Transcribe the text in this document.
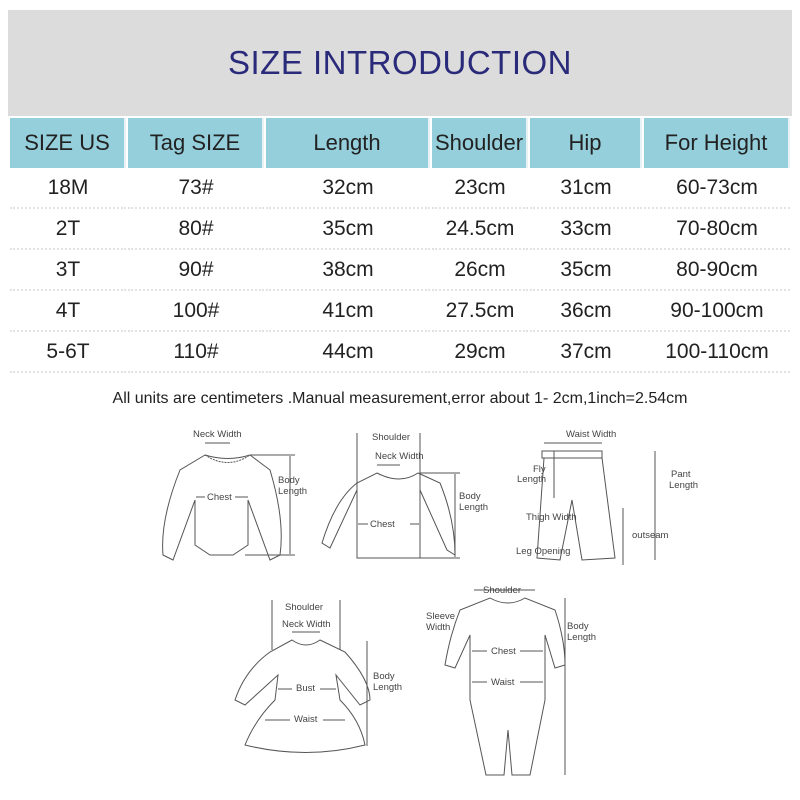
SIZE INTRODUCTION
SIZE US	Tag SIZE	Length	Shoulder	Hip	For Height
18M	73#	32cm	23cm	31cm	60-73cm
2T	80#	35cm	24.5cm	33cm	70-80cm
3T	90#	38cm	26cm	35cm	80-90cm
4T	100#	41cm	27.5cm	36cm	90-100cm
5-6T	110#	44cm	29cm	37cm	100-110cm
All units are centimeters .Manual measurement,error about 1- 2cm,1inch=2.54cm
Neck Width
Chest
Body
Length
Shoulder
Neck Width
Chest
Body
Length
Waist Width
Fly
Length	Pant
Length
Thigh Width
Leg Opening
outseam
Shoulder
Neck Width
Bust
Waist
Body
Length
Shoulder
Sleeve
Width
Chest
Waist
Body
Length
